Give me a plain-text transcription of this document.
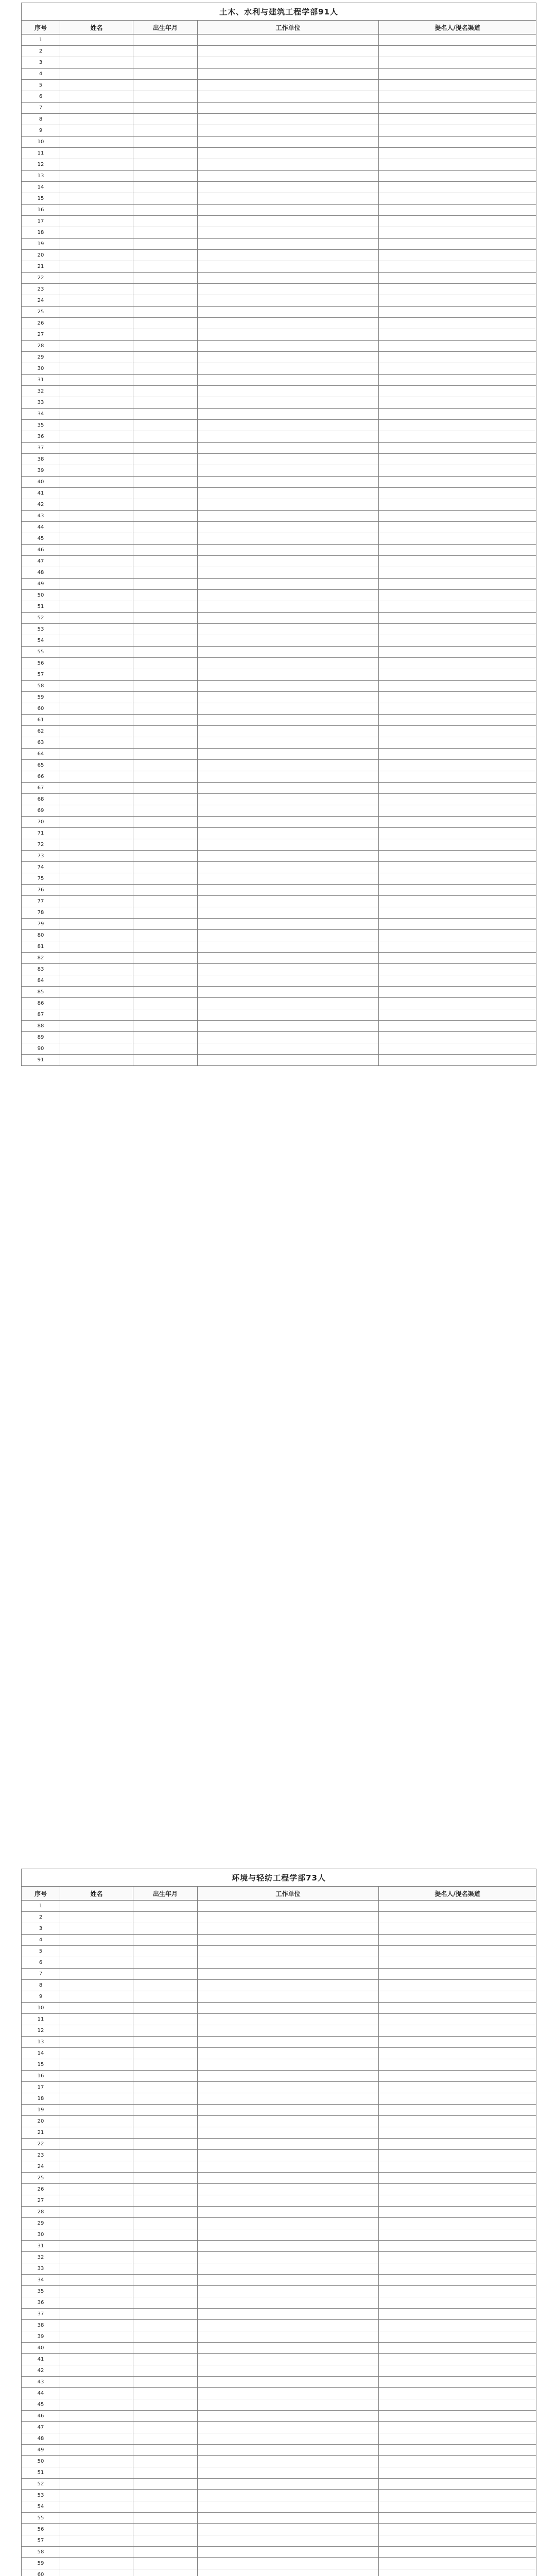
土木、水利与建筑工程学部91人				
序号	姓名	出生年月	工作单位	提名人/提名渠道
1				
2				
3				
4				
5				
6				
7				
8				
9				
10				
11				
12				
13				
14				
15				
16				
17				
18				
19				
20				
21				
22				
23				
24				
25				
26				
27				
28				
29				
30				
31				
32				
33				
34				
35				
36				
37				
38				
39				
40				
41				
42				
43				
44				
45				
46				
47				
48				
49				
50				
51				
52				
53				
54				
55				
56				
57				
58				
59				
60				
61				
62				
63				
64				
65				
66				
67				
68				
69				
70				
71				
72				
73				
74				
75				
76				
77				
78				
79				
80				
81				
82				
83				
84				
85				
86				
87				
88				
89				
90				
91				
环境与轻纺工程学部73人				
序号	姓名	出生年月	工作单位	提名人/提名渠道
1				
2				
3				
4				
5				
6				
7				
8				
9				
10				
11				
12				
13				
14				
15				
16				
17				
18				
19				
20				
21				
22				
23				
24				
25				
26				
27				
28				
29				
30				
31				
32				
33				
34				
35				
36				
37				
38				
39				
40				
41				
42				
43				
44				
45				
46				
47				
48				
49				
50				
51				
52				
53				
54				
55				
56				
57				
58				
59				
60				
